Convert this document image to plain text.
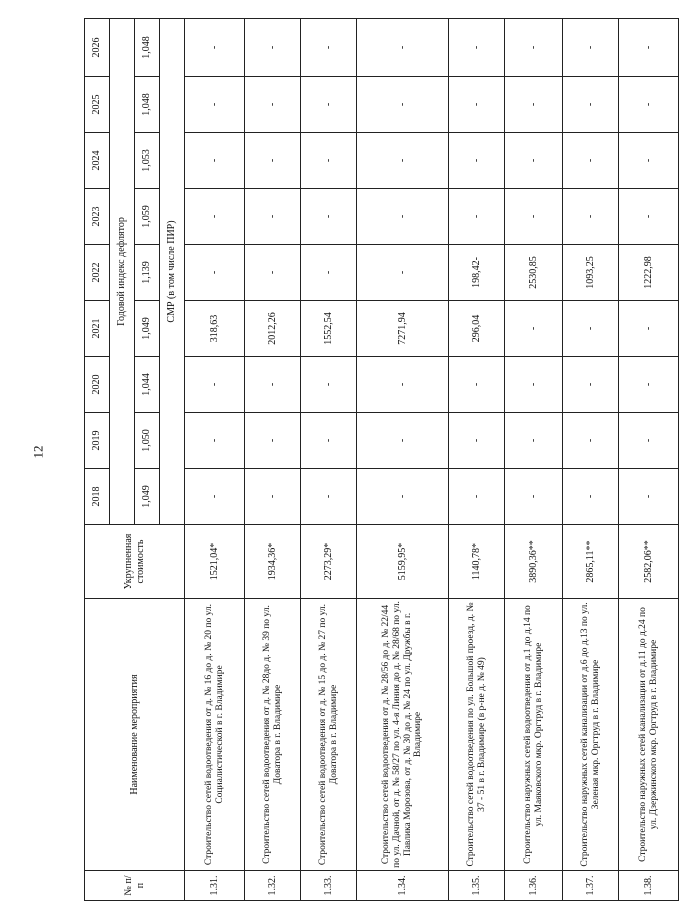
12
№ п/п	Наименование мероприятия	Укрупненная стоимость	2018	2019	2020	2021	2022	2023	2024	2025	2026
			Годовой индекс дефлятор								
			1,049	1,050	1,044	1,049	1,139	1,059	1,053	1,048	1,048
			СМР (в том числе ПИР)								
1.31.	Строительство сетей водоотведения от д. № 16 до д. № 20 по ул. Социалистической в г. Владимире	1521,04*	-	-	-	318,63	-	-	-	-	-
1.32.	Строительство сетей водоотведения от д. № 28до д. № 39 по ул. Доватора в г. Владимире	1934,36*	-	-	-	2012,26	-	-	-	-	-
1.33.	Строительство сетей водоотведения от д. № 15 до д. № 27 по ул. Доватора в г. Владимире	2273,29*	-	-	-	1552,54	-	-	-	-	-
1.34.	Строительство сетей водоотведения от д. № 28/56 до д. № 22/44 по ул. Дачной, от д. № 58/27 по ул. 4-я Линия до д. № 28/68 по ул. Павлика Морозова, от д. № 30 до д. № 24 по ул. Дружбы в г. Владимире	5159,95*	-	-	-	7271,94	-	-	-	-	-
1.35.	Строительство сетей водоотведения по ул. Большой проезд, д. № 37 - 51 в г. Владимире (в р-не д. № 49)	1140,78*	-	-	-	296,04	198,42-	-	-	-	-
1.36.	Строительство наружных сетей водоотведения от д.1 до д.14 по ул. Маяковского мкр. Оргтруд в г. Владимире	3890,36**	-	-	-	-	2530,85	-	-	-	-
1.37.	Строительство наружных сетей канализации от д.6 до д.13 по ул. Зеленая мкр. Оргтруд в г. Владимире	2865,11**	-	-	-	-	1093,25	-	-	-	-
1.38.	Строительство наружных сетей канализации от д.11 до д.24 по ул. Дзержинского мкр. Оргтруд в г. Владимире	2582,06**	-	-	-	-	1222,98	-	-	-	-
